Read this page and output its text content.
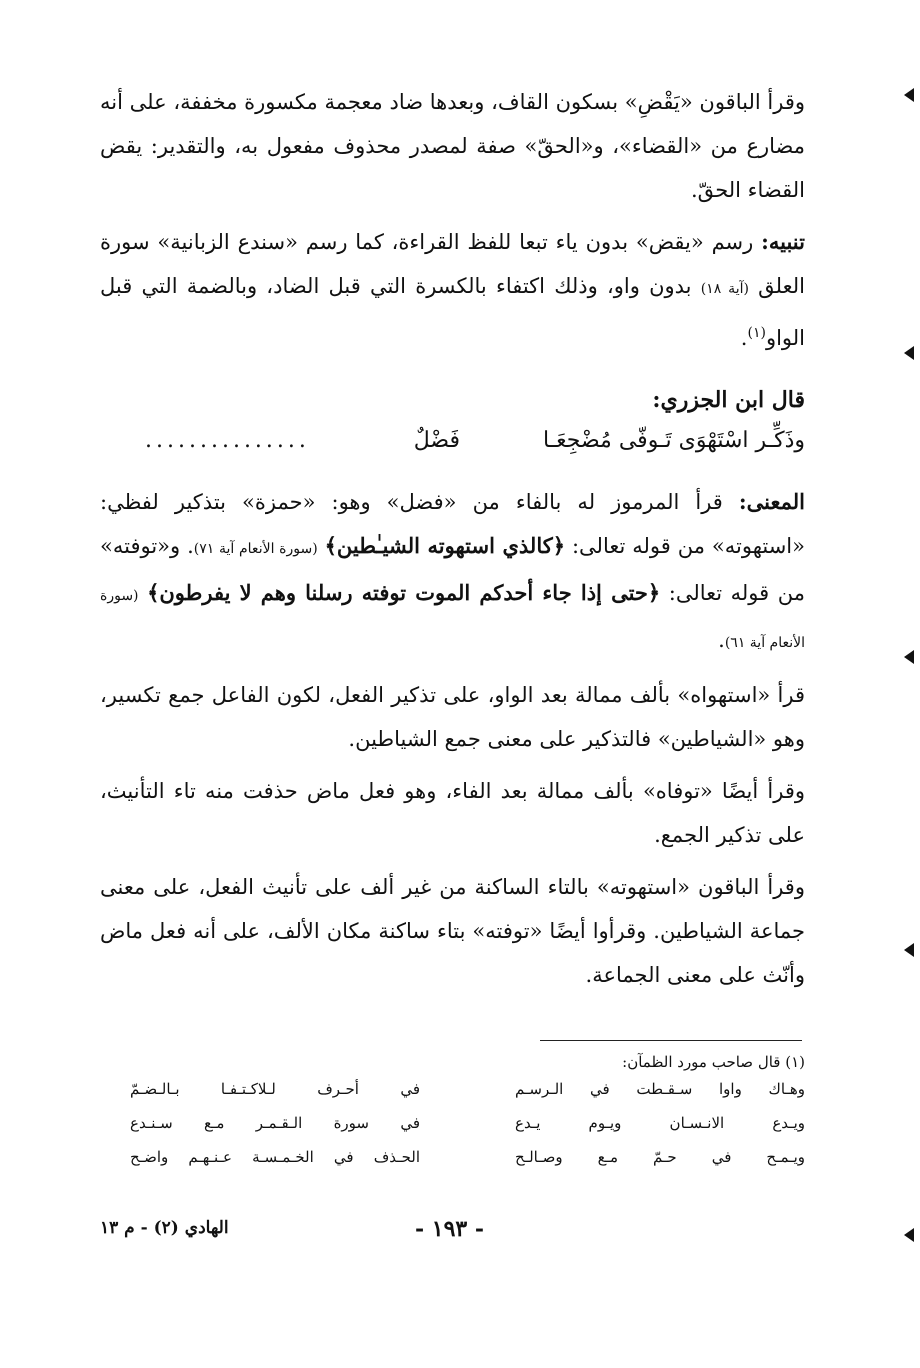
وقرأ الباقون «يَقْضِ» بسكون القاف، وبعدها ضاد معجمة مكسورة مخففة، على أنه مضارع من «القضاء»، و«الحقّ» صفة لمصدر محذوف مفعول به، والتقدير: يقض القضاء الحقّ.

تنبيه: رسم «يقض» بدون ياء تبعا للفظ القراءة، كما رسم «سندع الزبانية» سورة العلق (آية ١٨) بدون واو، وذلك اكتفاء بالكسرة التي قبل الضاد، وبالضمة التي قبل الواو$^{(١)}$.

قال ابن الجزري:

وذَكِّـر اسْتَهْوَى تَـوفّى مُضْجِعَـا
فَضْلٌ
...............

المعنى: قرأ المرموز له بالفاء من «فضل» وهو: «حمزة» بتذكير لفظي: «استهوته» من قوله تعالى: ﴿كالذي استهوته الشيـٰطين﴾ (سورة الأنعام آية ٧١). و«توفته» من قوله تعالى: ﴿حتى إذا جاء أحدكم الموت توفته رسلنا وهم لا يفرطون﴾ (سورة الأنعام آية ٦١).

قرأ «استهواه» بألف ممالة بعد الواو، على تذكير الفعل، لكون الفاعل جمع تكسير، وهو «الشياطين» فالتذكير على معنى جمع الشياطين.

وقرأ أيضًا «توفاه» بألف ممالة بعد الفاء، وهو فعل ماض حذفت منه تاء التأنيث، على تذكير الجمع.

وقرأ الباقون «استهوته» بالتاء الساكنة من غير ألف على تأنيث الفعل، على معنى جماعة الشياطين. وقرأوا أيضًا «توفته» بتاء ساكنة مكان الألف، على أنه فعل ماض وأنّث على معنى الجماعة.

(١) قال صاحب مورد الظمآن:
وهـاك واوا سـقـطت في الـرسـم
في أحـرف لـلاكـتـفـا بـالـضـمّ
ويـدع الانـسـان ويـوم يـدع
في سورة الـقـمـر مـع سـنـدع
ويـمـح في حـمّ مـع وصـالـح
الحـذف في الخـمـسـة عـنـهـم واضـح
- ١٩٣ -
الهادي (٢) - م ١٣
